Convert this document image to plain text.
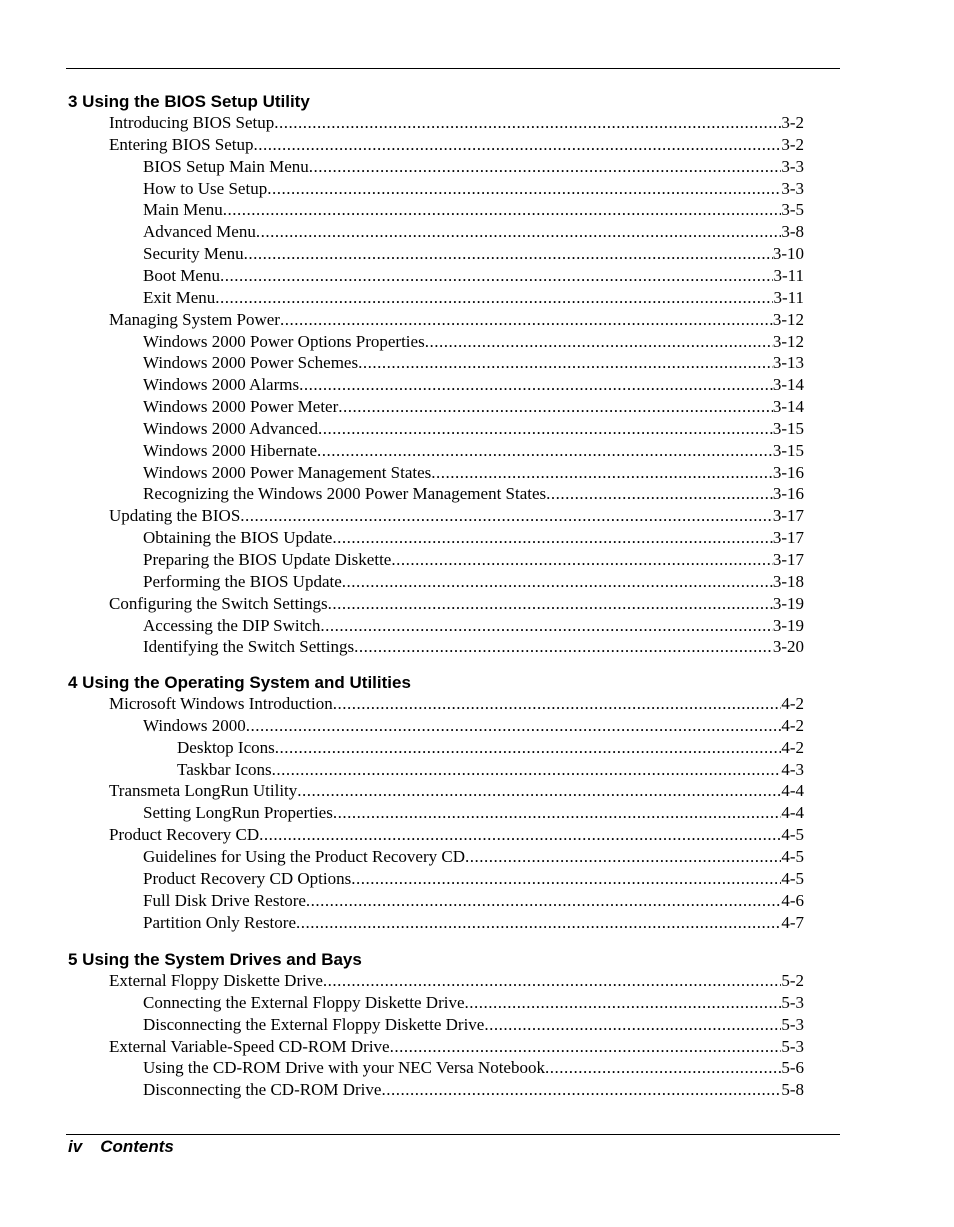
3 Using the BIOS Setup Utility
Introducing BIOS Setup .....	3-2
Entering BIOS Setup .....	3-2
BIOS Setup Main Menu .....	3-3
How to Use Setup .....	3-3
Main Menu .....	3-5
Advanced Menu .....	3-8
Security Menu .....	3-10
Boot Menu .....	3-11
Exit Menu .....	3-11
Managing System Power .....	3-12
Windows 2000 Power Options Properties .....	3-12
Windows 2000 Power Schemes .....	3-13
Windows 2000 Alarms .....	3-14
Windows 2000 Power Meter .....	3-14
Windows 2000 Advanced .....	3-15
Windows 2000 Hibernate .....	3-15
Windows 2000 Power Management States .....	3-16
Recognizing the Windows 2000 Power Management States .....	3-16
Updating the BIOS .....	3-17
Obtaining the BIOS Update .....	3-17
Preparing the BIOS Update Diskette .....	3-17
Performing the BIOS Update .....	3-18
Configuring the Switch Settings .....	3-19
Accessing the DIP Switch .....	3-19
Identifying the Switch Settings .....	3-20
4 Using the Operating System and Utilities
Microsoft Windows Introduction .....	4-2
Windows 2000 .....	4-2
Desktop Icons .....	4-2
Taskbar Icons .....	4-3
Transmeta LongRun Utility .....	4-4
Setting LongRun Properties .....	4-4
Product Recovery CD .....	4-5
Guidelines for Using the Product Recovery CD .....	4-5
Product Recovery CD Options .....	4-5
Full Disk Drive Restore .....	4-6
Partition Only Restore .....	4-7
5 Using the System Drives and Bays
External Floppy Diskette Drive .....	5-2
Connecting the External Floppy Diskette Drive .....	5-3
Disconnecting the External Floppy Diskette Drive .....	5-3
External Variable-Speed CD-ROM Drive .....	5-3
Using the CD-ROM Drive with your NEC Versa Notebook .....	5-6
Disconnecting the CD-ROM Drive .....	5-8
iv Contents
